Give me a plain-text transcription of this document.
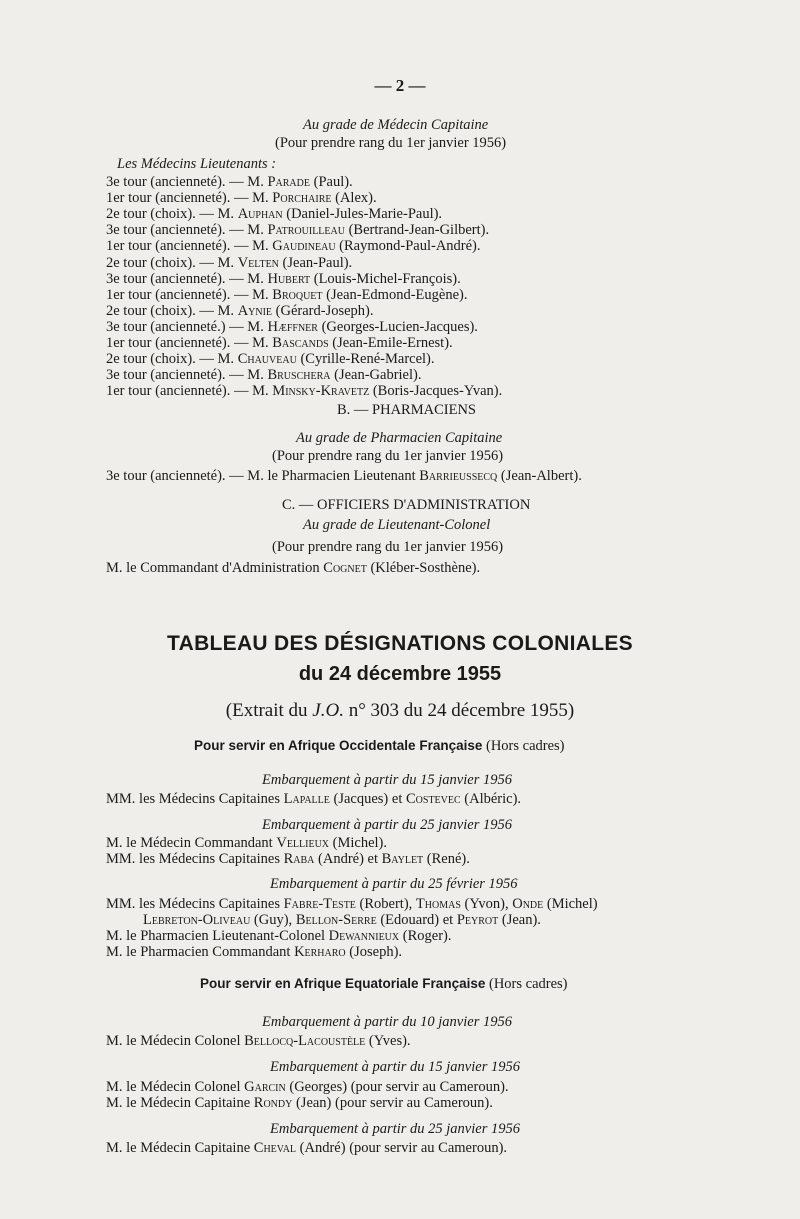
— 2 —
Au grade de Médecin Capitaine
(Pour prendre rang du 1er janvier 1956)
Les Médecins Lieutenants :
3e tour (ancienneté). — M. Parade (Paul).
1er tour (ancienneté). — M. Porchaire (Alex).
2e tour (choix). — M. Auphan (Daniel-Jules-Marie-Paul).
3e tour (ancienneté). — M. Patrouilleau (Bertrand-Jean-Gilbert).
1er tour (ancienneté). — M. Gaudineau (Raymond-Paul-André).
2e tour (choix). — M. Velten (Jean-Paul).
3e tour (ancienneté). — M. Hubert (Louis-Michel-François).
1er tour (ancienneté). — M. Broquet (Jean-Edmond-Eugène).
2e tour (choix). — M. Aynie (Gérard-Joseph).
3e tour (ancienneté.) — M. Hæffner (Georges-Lucien-Jacques).
1er tour (ancienneté). — M. Bascands (Jean-Emile-Ernest).
2e tour (choix). — M. Chauveau (Cyrille-René-Marcel).
3e tour (ancienneté). — M. Bruschera (Jean-Gabriel).
1er tour (ancienneté). — M. Minsky-Kravetz (Boris-Jacques-Yvan).
B. — PHARMACIENS
Au grade de Pharmacien Capitaine
(Pour prendre rang du 1er janvier 1956)
3e tour (ancienneté). — M. le Pharmacien Lieutenant Barrieussecq (Jean-Albert).
C. — OFFICIERS D'ADMINISTRATION
Au grade de Lieutenant-Colonel
(Pour prendre rang du 1er janvier 1956)
M. le Commandant d'Administration Cognet (Kléber-Sosthène).
TABLEAU DES DÉSIGNATIONS COLONIALES
du 24 décembre 1955
(Extrait du J.O. n° 303 du 24 décembre 1955)
Pour servir en Afrique Occidentale Française (Hors cadres)
Embarquement à partir du 15 janvier 1956
MM. les Médecins Capitaines Lapalle (Jacques) et Costevec (Albéric).
Embarquement à partir du 25 janvier 1956
M. le Médecin Commandant Vellieux (Michel).
MM. les Médecins Capitaines Raba (André) et Baylet (René).
Embarquement à partir du 25 février 1956
MM. les Médecins Capitaines Fabre-Teste (Robert), Thomas (Yvon), Onde (Michel)
Lebreton-Oliveau (Guy), Bellon-Serre (Edouard) et Peyrot (Jean).
M. le Pharmacien Lieutenant-Colonel Dewannieux (Roger).
M. le Pharmacien Commandant Kerharo (Joseph).
Pour servir en Afrique Equatoriale Française (Hors cadres)
Embarquement à partir du 10 janvier 1956
M. le Médecin Colonel Bellocq-Lacoustèle (Yves).
Embarquement à partir du 15 janvier 1956
M. le Médecin Colonel Garcin (Georges) (pour servir au Cameroun).
M. le Médecin Capitaine Rondy (Jean) (pour servir au Cameroun).
Embarquement à partir du 25 janvier 1956
M. le Médecin Capitaine Cheval (André) (pour servir au Cameroun).
